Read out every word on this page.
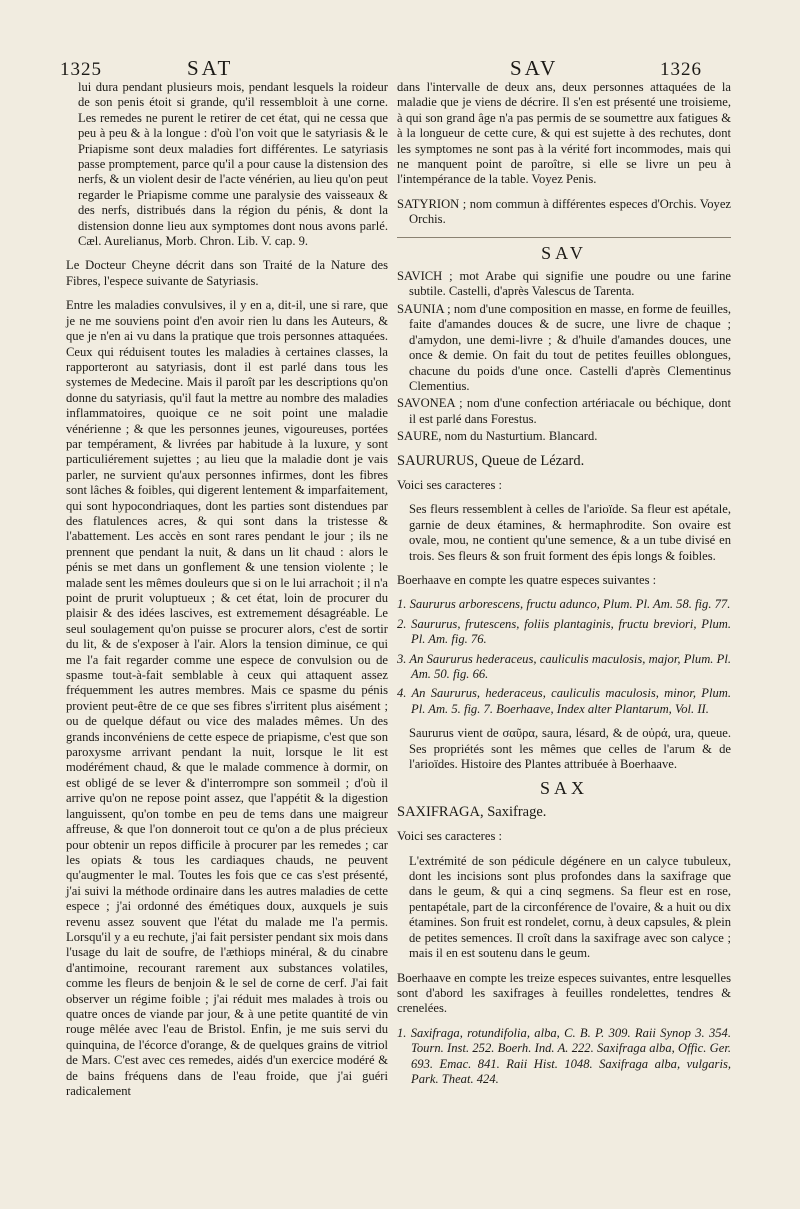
1325	SAT	SAV	1326

lui dura pendant plusieurs mois, pendant lesquels la roideur de son penis étoit si grande, qu'il ressembloit à une corne. Les remedes ne purent le retirer de cet état, qui ne cessa que peu à peu & à la longue : d'où l'on voit que le satyriasis & le Priapisme sont deux maladies fort différentes. Le satyriasis passe promptement, parce qu'il a pour cause la distension des nerfs, & un violent desir de l'acte vénérien, au lieu qu'on peut regarder le Priapisme comme une paralysie des vaisseaux & des nerfs, distribués dans la région du pénis, & dont la distension donne lieu aux symptomes dont nous avons parlé. Cæl. Aurelianus, Morb. Chron. Lib. V. cap. 9.

Le Docteur Cheyne décrit dans son Traité de la Nature des Fibres, l'espece suivante de Satyriasis.

Entre les maladies convulsives, il y en a, dit-il, une si rare, que je ne me souviens point d'en avoir rien lu dans les Auteurs, & que je n'en ai vu dans la pratique que trois personnes attaquées. Ceux qui réduisent toutes les maladies à certaines classes, la rapporteront au satyriasis, dont il est parlé dans tous les systemes de Medecine. Mais il paroît par les descriptions qu'on donne du satyriasis, qu'il faut la mettre au nombre des maladies inflammatoires, quoique ce ne soit point une maladie vénérienne ; & que les personnes jeunes, vigoureuses, portées par tempérament, & livrées par habitude à la luxure, y sont particuliérement sujettes ; au lieu que la maladie dont je vais parler, ne survient qu'aux personnes infirmes, dont les fibres sont lâches & foibles, qui digerent lentement & imparfaitement, qui sont hypocondriaques, dont les parties sont distendues par des flatulences acres, & qui sont dans la tristesse & l'abattement. Les accès en sont rares pendant le jour ; ils ne prennent que pendant la nuit, & dans un lit chaud : alors le pénis se met dans un gonflement & une tension violente ; le malade sent les mêmes douleurs que si on le lui arrachoit ; il n'a point de prurit voluptueux ; & cet état, loin de procurer du plaisir & des idées lascives, est extremement désagréable. Le seul soulagement qu'on puisse se procurer alors, c'est de sortir du lit, & de s'exposer à l'air. Alors la tension diminue, ce qui me l'a fait regarder comme une espece de convulsion ou de spasme tout-à-fait semblable à ceux qui attaquent assez fréquemment les autres membres. Mais ce spasme du pénis provient peut-être de ce que ses fibres s'irritent plus aisément ; ou de quelque défaut ou vice des malades mêmes. Un des grands inconvéniens de cette espece de priapisme, c'est que son paroxysme arrivant pendant la nuit, lorsque le lit est modérément chaud, & que le malade commence à dormir, on est obligé de se lever & d'interrompre son sommeil ; d'où il arrive qu'on ne repose point assez, que l'appétit & la digestion languissent, qu'on tombe en peu de tems dans une maigreur affreuse, & que l'on donneroit tout ce qu'on a de plus précieux pour obtenir un repos difficile à procurer par les remedes ; car les opiats & tous les cardiaques chauds, ne peuvent qu'augmenter le mal. Toutes les fois que ce cas s'est présenté, j'ai suivi la méthode ordinaire dans les autres maladies de cette espece ; j'ai ordonné des émétiques doux, auxquels je suis revenu assez souvent que l'état du malade me l'a permis. Lorsqu'il y a eu rechute, j'ai fait persister pendant six mois dans l'usage du lait de soufre, de l'æthiops minéral, & du cinabre d'antimoine, recourant rarement aux substances volatiles, comme les fleurs de benjoin & le sel de corne de cerf. J'ai fait observer un régime foible ; j'ai réduit mes malades à trois ou quatre onces de viande par jour, & à une petite quantité de vin rouge mêlée avec l'eau de Bristol. Enfin, je me suis servi du quinquina, de l'écorce d'orange, & de quelques grains de vitriol de Mars. C'est avec ces remedes, aidés d'un exercice modéré & de bains fréquens dans de l'eau froide, que j'ai guéri radicalement

dans l'intervalle de deux ans, deux personnes attaquées de la maladie que je viens de décrire. Il s'en est présenté une troisieme, à qui son grand âge n'a pas permis de se soumettre aux fatigues & à la longueur de cette cure, & qui est sujette à des rechutes, dont les symptomes ne sont pas à la vérité fort incommodes, mais qui ne manquent point de paroître, si elle se livre un peu à l'intempérance de la table. Voyez Penis.

SATYRION ; nom commun à différentes especes d'Orchis. Voyez Orchis.

SAV

SAVICH ; mot Arabe qui signifie une poudre ou une farine subtile. Castelli, d'après Valescus de Tarenta.

SAUNIA ; nom d'une composition en masse, en forme de feuilles, faite d'amandes douces & de sucre, une livre de chaque ; d'amydon, une demi-livre ; & d'huile d'amandes douces, une once & demie. On fait du tout de petites feuilles oblongues, chacune du poids d'une once. Castelli d'après Clementinus Clementius.

SAVONEA ; nom d'une confection artériacale ou béchique, dont il est parlé dans Forestus.

SAURE, nom du Nasturtium. Blancard.

SAURURUS, Queue de Lézard.

Voici ses caracteres :

Ses fleurs ressemblent à celles de l'arioïde. Sa fleur est apétale, garnie de deux étamines, & hermaphrodite. Son ovaire est ovale, mou, ne contient qu'une semence, & a un tube divisé en trois. Ses fleurs & son fruit forment des épis longs & foibles.

Boerhaave en compte les quatre especes suivantes :

1. Saururus arborescens, fructu adunco, Plum. Pl. Am. 58. fig. 77.

2. Saururus, frutescens, foliis plantaginis, fructu breviori, Plum. Pl. Am. fig. 76.

3. An Saururus hederaceus, cauliculis maculosis, major, Plum. Pl. Am. 50. fig. 66.

4. An Saururus, hederaceus, cauliculis maculosis, minor, Plum. Pl. Am. 5. fig. 7. Boerhaave, Index alter Plantarum, Vol. II.

Saururus vient de σαῦρα, saura, lésard, & de οὐρά, ura, queue. Ses propriétés sont les mêmes que celles de l'arum & de l'arioïdes. Histoire des Plantes attribuée à Boerhaave.

SAX

SAXIFRAGA, Saxifrage.

Voici ses caracteres :

L'extrémité de son pédicule dégénere en un calyce tubuleux, dont les incisions sont plus profondes dans la saxifrage que dans le geum, & qui a cinq segmens. Sa fleur est en rose, pentapétale, part de la circonférence de l'ovaire, & a huit ou dix étamines. Son fruit est rondelet, cornu, à deux capsules, & plein de petites semences. Il croît dans la saxifrage avec son calyce ; mais il en est soutenu dans le geum.

Boerhaave en compte les treize especes suivantes, entre lesquelles sont d'abord les saxifrages à feuilles rondelettes, tendres & crenelées.

1. Saxifraga, rotundifolia, alba, C. B. P. 309. Raii Synop 3. 354. Tourn. Inst. 252. Boerh. Ind. A. 222. Saxifraga alba, Offic. Ger. 693. Emac. 841. Raii Hist. 1048. Saxifraga alba, vulgaris, Park. Theat. 424.
